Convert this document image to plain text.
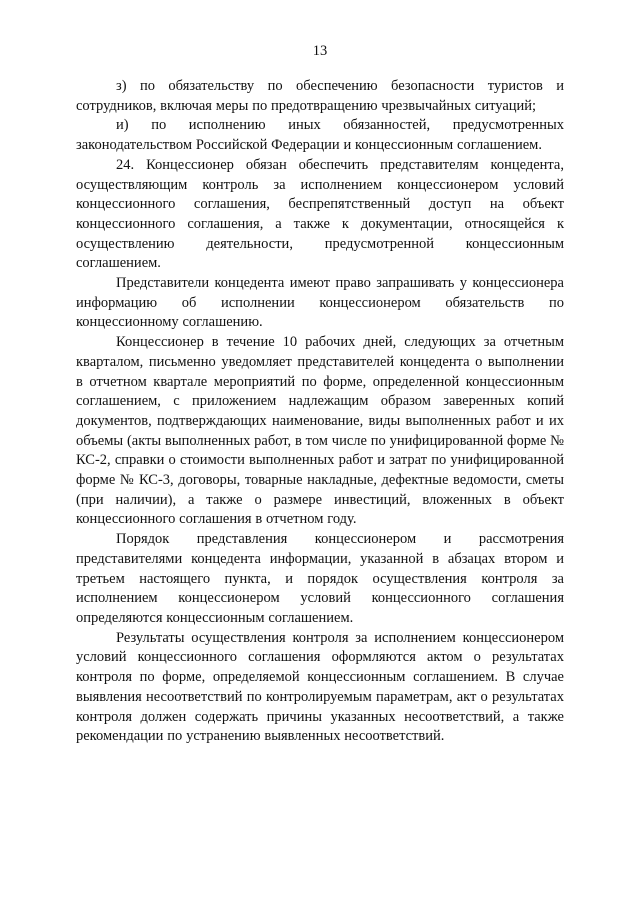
13

з) по обязательству по обеспечению безопасности туристов и сотрудников, включая меры по предотвращению чрезвычайных ситуаций;

и) по исполнению иных обязанностей, предусмотренных законодательством Российской Федерации и концессионным соглашением.

24. Концессионер обязан обеспечить представителям концедента, осуществляющим контроль за исполнением концессионером условий концессионного соглашения, беспрепятственный доступ на объект концессионного соглашения, а также к документации, относящейся к осуществлению деятельности, предусмотренной концессионным соглашением.

Представители концедента имеют право запрашивать у концессионера информацию об исполнении концессионером обязательств по концессионному соглашению.

Концессионер в течение 10 рабочих дней, следующих за отчетным кварталом, письменно уведомляет представителей концедента о выполнении в отчетном квартале мероприятий по форме, определенной концессионным соглашением, с приложением надлежащим образом заверенных копий документов, подтверждающих наименование, виды выполненных работ и их объемы (акты выполненных работ, в том числе по унифицированной форме № КС-2, справки о стоимости выполненных работ и затрат по унифицированной форме № КС-3, договоры, товарные накладные, дефектные ведомости, сметы (при наличии), а также о размере инвестиций, вложенных в объект концессионного соглашения в отчетном году.

Порядок представления концессионером и рассмотрения представителями концедента информации, указанной в абзацах втором и третьем настоящего пункта, и порядок осуществления контроля за исполнением концессионером условий концессионного соглашения определяются концессионным соглашением.

Результаты осуществления контроля за исполнением концессионером условий концессионного соглашения оформляются актом о результатах контроля по форме, определяемой концессионным соглашением. В случае выявления несоответствий по контролируемым параметрам, акт о результатах контроля должен содержать причины указанных несоответствий, а также рекомендации по устранению выявленных несоответствий.
